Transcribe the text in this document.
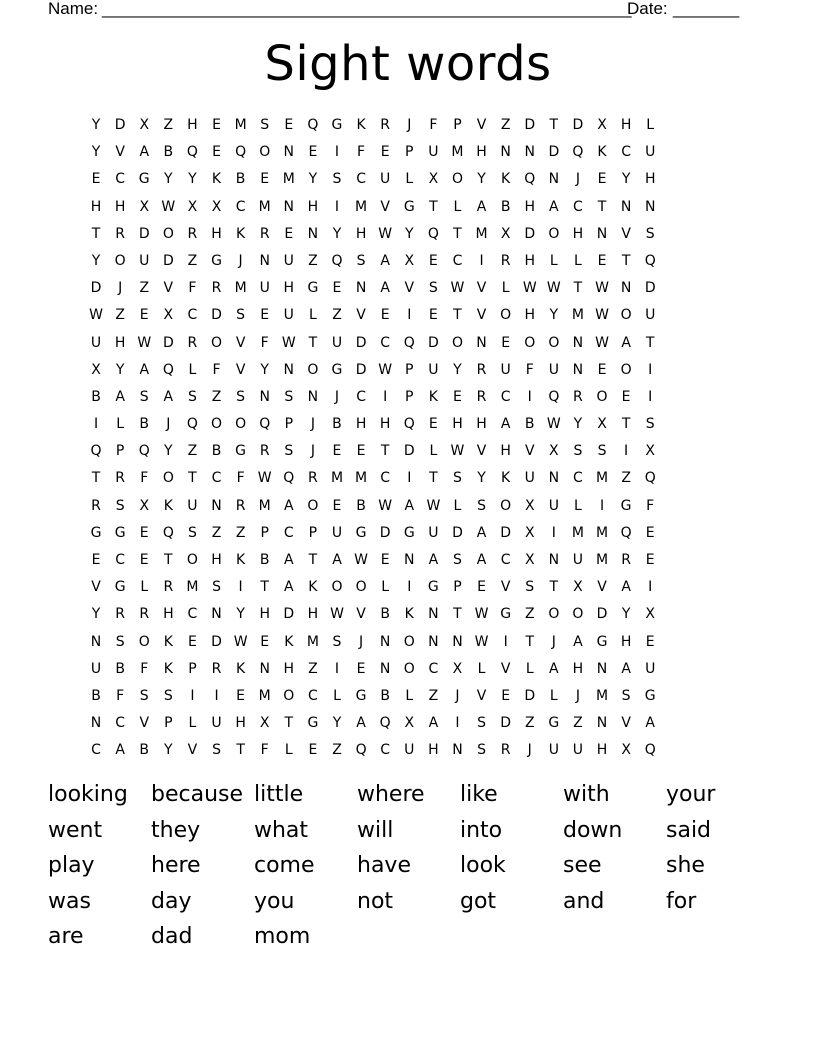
Name: ________________________________________________________
Date: _______
Sight words
Y D X Z H E M S E Q G K R J F P V Z D T D X H L
Y V A B Q E Q O N E I F E P U M H N N D Q K C U
E C G Y Y K B E M Y S C U L X O Y K Q N J E Y H
H H X W X X C M N H I M V G T L A B H A C T N N
T R D O R H K R E N Y H W Y Q T M X D O H N V S
Y O U D Z G J N U Z Q S A X E C I R H L L E T Q
D J Z V F R M U H G E N A V S W V L W W T W N D
W Z E X C D S E U L Z V E I E T V O H Y M W O U
U H W D R O V F W T U D C Q D O N E O O N W A T
X Y A Q L F V Y N O G D W P U Y R U F U N E O I
B A S A S Z S N S N J C I P K E R C I Q R O E I
I L B J Q O O Q P J B H H Q E H H A B W Y X T S
Q P Q Y Z B G R S J E E T D L W V H V X S S I X
T R F O T C F W Q R M M C I T S Y K U N C M Z Q
R S X K U N R M A O E B W A W L S O X U L I G F
G G E Q S Z Z P C P U G D G U D A D X I M M Q E
E C E T O H K B A T A W E N A S A C X N U M R E
V G L R M S I T A K O O L I G P E V S T X V A I
Y R R H C N Y H D H W V B K N T W G Z O O D Y X
N S O K E D W E K M S J N O N N W I T J A G H E
U B F K P R K N H Z I E N O C X L V L A H N A U
B F S S I I E M O C L G B L Z J V E D L J M S G
N C V P L U H X T G Y A Q X A I S D Z G Z N V A
C A B Y V S T F L E Z Q C U H N S R J U U H X Q
looking because little where like	with	your
went they what will	into	down said
play	here come have look	see	she
was	day	you	not	got	and	for
are	dad	mom
